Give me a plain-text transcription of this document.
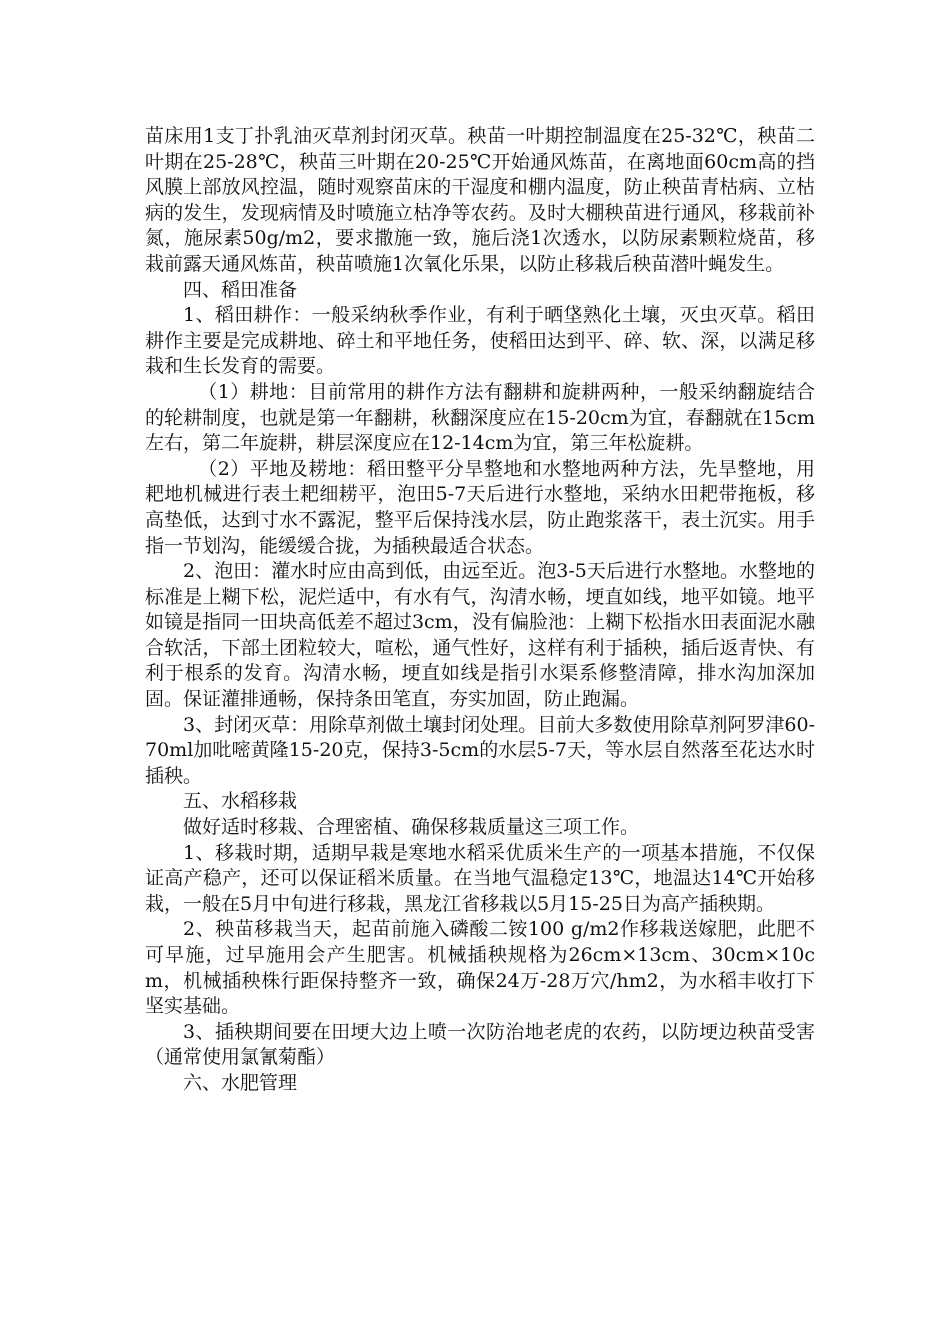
苗床用1支丁扑乳油灭草剂封闭灭草。秧苗一叶期控制温度在25-32℃，秧苗二叶期在25-28℃，秧苗三叶期在20-25℃开始通风炼苗，在离地面60cm高的挡风膜上部放风控温，随时观察苗床的干湿度和棚内温度，防止秧苗青枯病、立枯病的发生，发现病情及时喷施立枯净等农药。及时大棚秧苗进行通风，移栽前补氮，施尿素50g/m2，要求撒施一致，施后浇1次透水，以防尿素颗粒烧苗，移栽前露天通风炼苗，秧苗喷施1次氧化乐果，以防止移栽后秧苗潜叶蝇发生。

四、稻田准备

1、稻田耕作：一般采纳秋季作业，有利于晒垡熟化土壤，灭虫灭草。稻田耕作主要是完成耕地、碎土和平地任务，使稻田达到平、碎、软、深，以满足移栽和生长发育的需要。

（1）耕地：目前常用的耕作方法有翻耕和旋耕两种，一般采纳翻旋结合的轮耕制度，也就是第一年翻耕，秋翻深度应在15-20cm为宜，春翻就在15cm左右，第二年旋耕，耕层深度应在12-14cm为宜，第三年松旋耕。

（2）平地及耢地：稻田整平分旱整地和水整地两种方法，先旱整地，用耙地机械进行表土耙细耢平，泡田5-7天后进行水整地，采纳水田耙带拖板，移高垫低，达到寸水不露泥，整平后保持浅水层，防止跑浆落干，表土沉实。用手指一节划沟，能缓缓合拢，为插秧最适合状态。

2、泡田：灌水时应由高到低，由远至近。泡3-5天后进行水整地。水整地的标准是上糊下松，泥烂适中，有水有气，沟清水畅，埂直如线，地平如镜。地平如镜是指同一田块高低差不超过3cm，没有偏脸池：上糊下松指水田表面泥水融合软活，下部土团粒较大，喧松，通气性好，这样有利于插秧，插后返青快、有利于根系的发育。沟清水畅，埂直如线是指引水渠系修整清障，排水沟加深加固。保证灌排通畅，保持条田笔直，夯实加固，防止跑漏。

3、封闭灭草：用除草剂做土壤封闭处理。目前大多数使用除草剂阿罗津60-70ml加吡嘧黄隆15-20克，保持3-5cm的水层5-7天，等水层自然落至花达水时插秧。

五、水稻移栽

做好适时移栽、合理密植、确保移栽质量这三项工作。

1、移栽时期，适期早栽是寒地水稻采优质米生产的一项基本措施，不仅保证高产稳产，还可以保证稻米质量。在当地气温稳定13℃，地温达14℃开始移栽，一般在5月中旬进行移栽，黑龙江省移栽以5月15-25日为高产插秧期。

2、秧苗移栽当天，起苗前施入磷酸二铵100 g/m2作移栽送嫁肥，此肥不可早施，过早施用会产生肥害。机械插秧规格为26cm×13cm、30cm×10cm，机械插秧株行距保持整齐一致，确保24万-28万穴/hm2，为水稻丰收打下坚实基础。

3、插秧期间要在田埂大边上喷一次防治地老虎的农药，以防埂边秧苗受害（通常使用氯氰菊酯）

六、水肥管理
